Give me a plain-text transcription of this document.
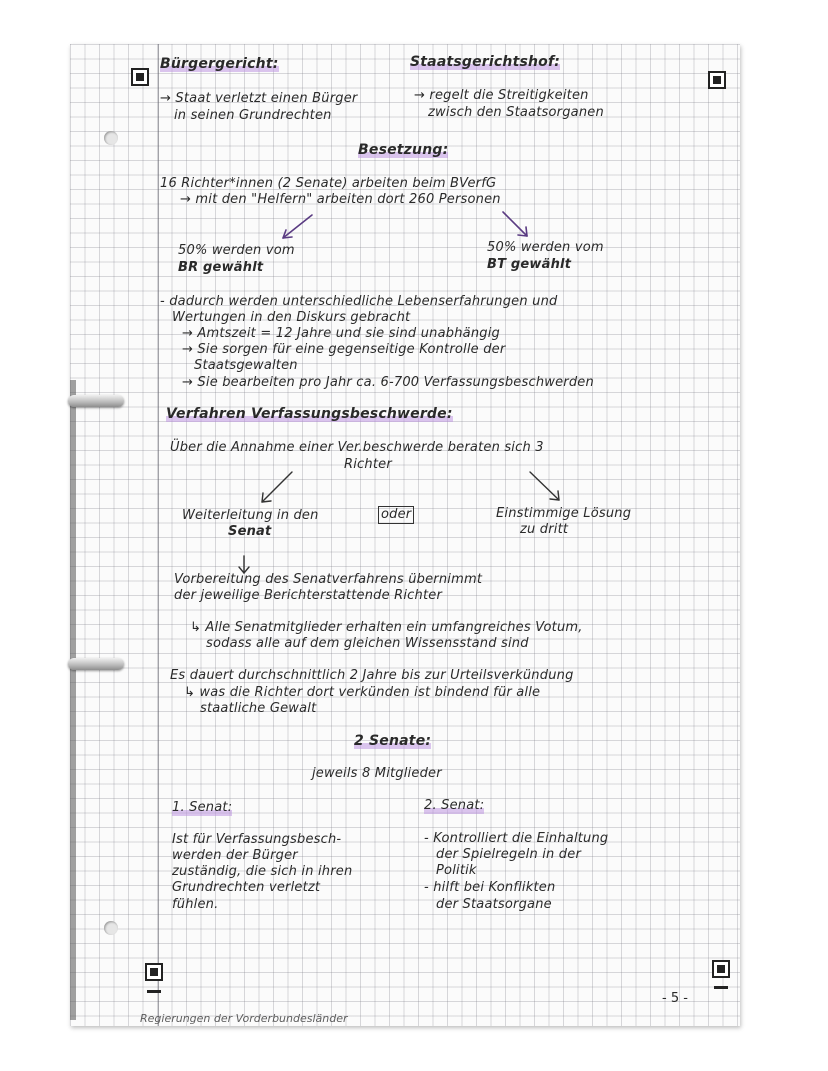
Bürgergericht:
→ Staat verletzt einen Bürger
in seinen Grundrechten
Staatsgerichtshof:
→ regelt die Streitigkeiten
zwisch den Staatsorganen
Besetzung:
16 Richter*innen (2 Senate) arbeiten beim BVerfG
→ mit den "Helfern" arbeiten dort 260 Personen
50% werden vom
BR gewählt
50% werden vom
BT gewählt
- dadurch werden unterschiedliche Lebenserfahrungen und
Wertungen in den Diskurs gebracht
→ Amtszeit = 12 Jahre und sie sind unabhängig
→ Sie sorgen für eine gegenseitige Kontrolle der
Staatsgewalten
→ Sie bearbeiten pro Jahr ca. 6-700 Verfassungsbeschwerden
Verfahren Verfassungsbeschwerde:
Über die Annahme einer Ver.beschwerde beraten sich 3
Richter
Weiterleitung in den
Senat
oder	Einstimmige Lösung
zu dritt
Vorbereitung des Senatverfahrens übernimmt
der jeweilige Berichterstattende Richter
↳ Alle Senatmitglieder erhalten ein umfangreiches Votum,
sodass alle auf dem gleichen Wissensstand sind
Es dauert durchschnittlich 2 Jahre bis zur Urteilsverkündung
↳ was die Richter dort verkünden ist bindend für alle
staatliche Gewalt
2 Senate:
jeweils 8 Mitglieder
1. Senat:
Ist für Verfassungsbesch-
werden der Bürger
zuständig, die sich in ihren
Grundrechten verletzt
fühlen.
2. Senat:
- Kontrolliert die Einhaltung
der Spielregeln in der
Politik
- hilft bei Konflikten
der Staatsorgane
- 5 -
Regierungen der Vorderbundesländer
